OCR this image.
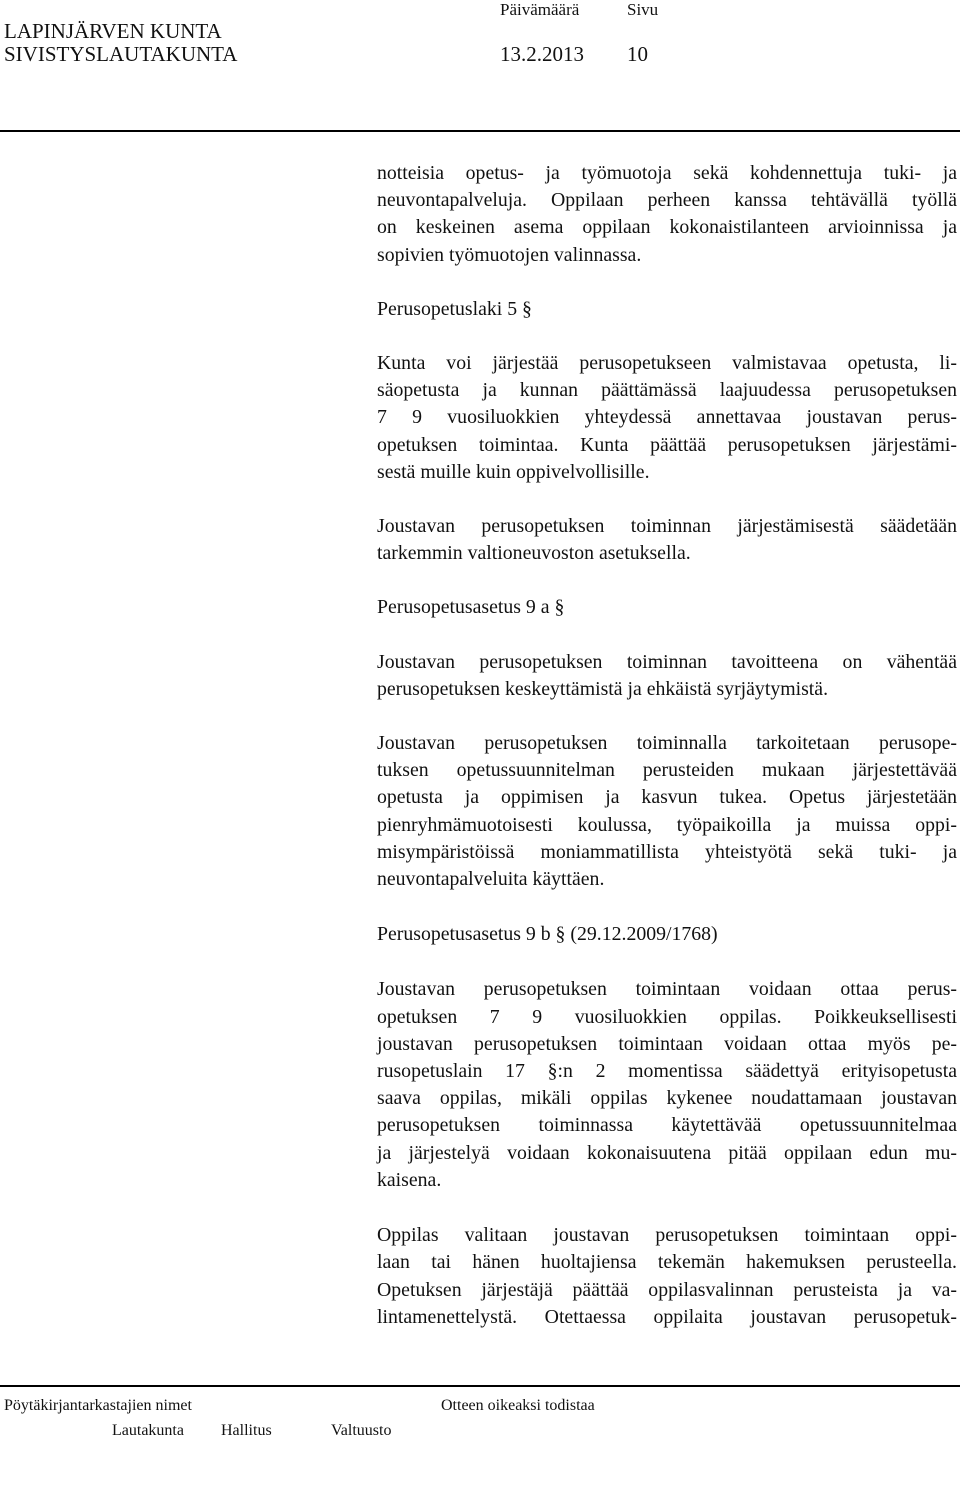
LAPINJÄRVEN KUNTA
SIVISTYSLAUTAKUNTA
Päivämäärä	Sivu
13.2.2013 10

notteisia opetus- ja työmuotoja sekä kohdennettuja tuki- ja
neuvontapalveluja. Oppilaan perheen kanssa tehtävällä työllä
on keskeinen asema oppilaan kokonaistilanteen arvioinnissa ja
sopivien työmuotojen valinnassa.

Perusopetuslaki 5 §

Kunta voi järjestää perusopetukseen valmistavaa opetusta, li-
säopetusta ja kunnan päättämässä laajuudessa perusopetuksen
7 9 vuosiluokkien yhteydessä annettavaa joustavan perus-
opetuksen toimintaa. Kunta päättää perusopetuksen järjestämi-
sestä muille kuin oppivelvollisille.

Joustavan perusopetuksen toiminnan järjestämisestä säädetään
tarkemmin valtioneuvoston asetuksella.

Perusopetusasetus 9 a §

Joustavan perusopetuksen toiminnan tavoitteena on vähentää
perusopetuksen keskeyttämistä ja ehkäistä syrjäytymistä.

Joustavan perusopetuksen toiminnalla tarkoitetaan perusope-
tuksen opetussuunnitelman perusteiden mukaan järjestettävää
opetusta ja oppimisen ja kasvun tukea. Opetus järjestetään
pienryhmämuotoisesti koulussa, työpaikoilla ja muissa oppi-
misympäristöissä moniammatillista yhteistyötä sekä tuki- ja
neuvontapalveluita käyttäen.

Perusopetusasetus 9 b § (29.12.2009/1768)

Joustavan perusopetuksen toimintaan voidaan ottaa perus-
opetuksen 7 9 vuosiluokkien oppilas. Poikkeuksellisesti
joustavan perusopetuksen toimintaan voidaan ottaa myös pe-
rusopetuslain 17 §:n 2 momentissa säädettyä erityisopetusta
saava oppilas, mikäli oppilas kykenee noudattamaan joustavan
perusopetuksen toiminnassa käytettävää opetussuunnitelmaa
ja järjestelyä voidaan kokonaisuutena pitää oppilaan edun mu-
kaisena.

Oppilas valitaan joustavan perusopetuksen toimintaan oppi-
laan tai hänen huoltajiensa tekemän hakemuksen perusteella.
Opetuksen järjestäjä päättää oppilasvalinnan perusteista ja va-
lintamenettelystä. Otettaessa oppilaita joustavan perusopetuk-

Pöytäkirjantarkastajien nimet
Lautakunta Hallitus	Valtuusto
Otteen oikeaksi todistaa
